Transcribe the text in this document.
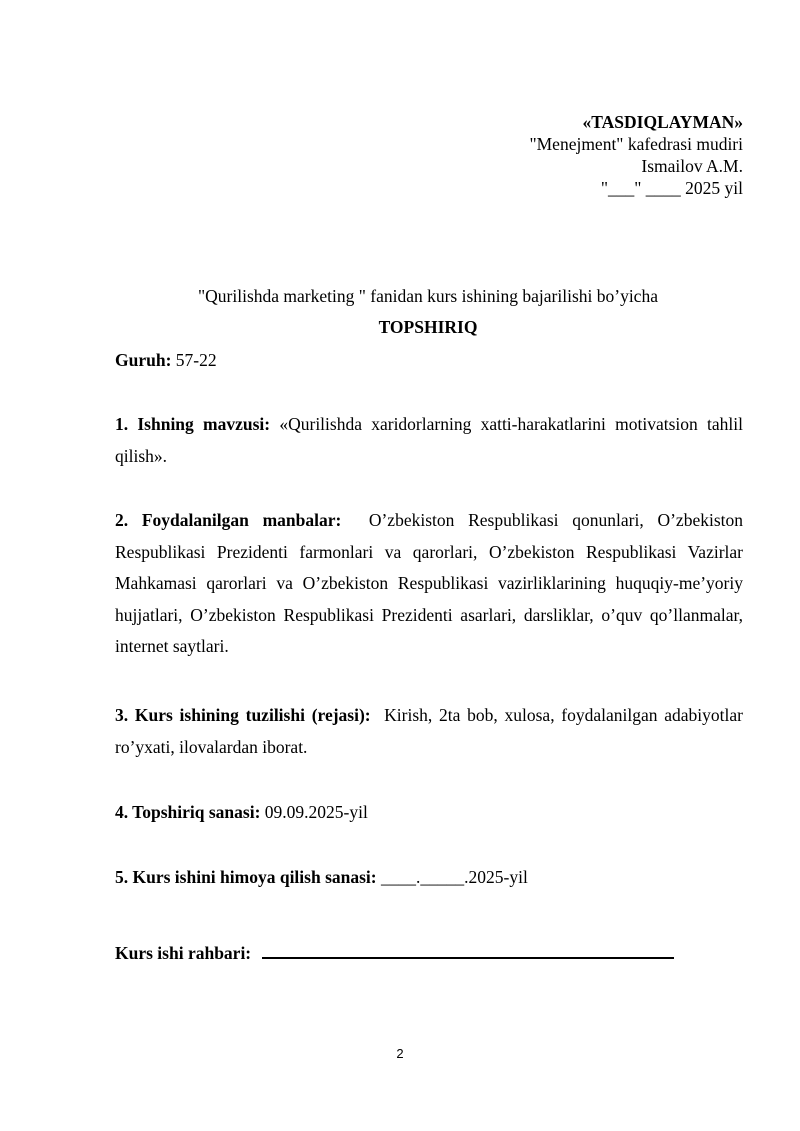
«TASDIQLAYMAN»
"Menejment" kafedrasi mudiri
Ismailov A.M.
"___" ____ 2025 yil
"Qurilishda marketing " fanidan kurs ishining bajarilishi bo’yicha
TOPSHIRIQ
Guruh: 57-22
1. Ishning mavzusi: «Qurilishda xaridorlarning xatti-harakatlarini motivatsion tahlil qilish».
2. Foydalanilgan manbalar: O’zbekiston Respublikasi qonunlari, O’zbekiston Respublikasi Prezidenti farmonlari va qarorlari, O’zbekiston Respublikasi Vazirlar Mahkamasi qarorlari va O’zbekiston Respublikasi vazirliklarining huquqiy-me’yoriy hujjatlari, O’zbekiston Respublikasi Prezidenti asarlari, darsliklar, o’quv qo’llanmalar, internet saytlari.
3. Kurs ishining tuzilishi (rejasi): Kirish, 2ta bob, xulosa, foydalanilgan adabiyotlar ro’yxati, ilovalardan iborat.
4. Topshiriq sanasi: 09.09.2025-yil
5. Kurs ishini himoya qilish sanasi: ____._____.2025-yil
Kurs ishi rahbari:
2
